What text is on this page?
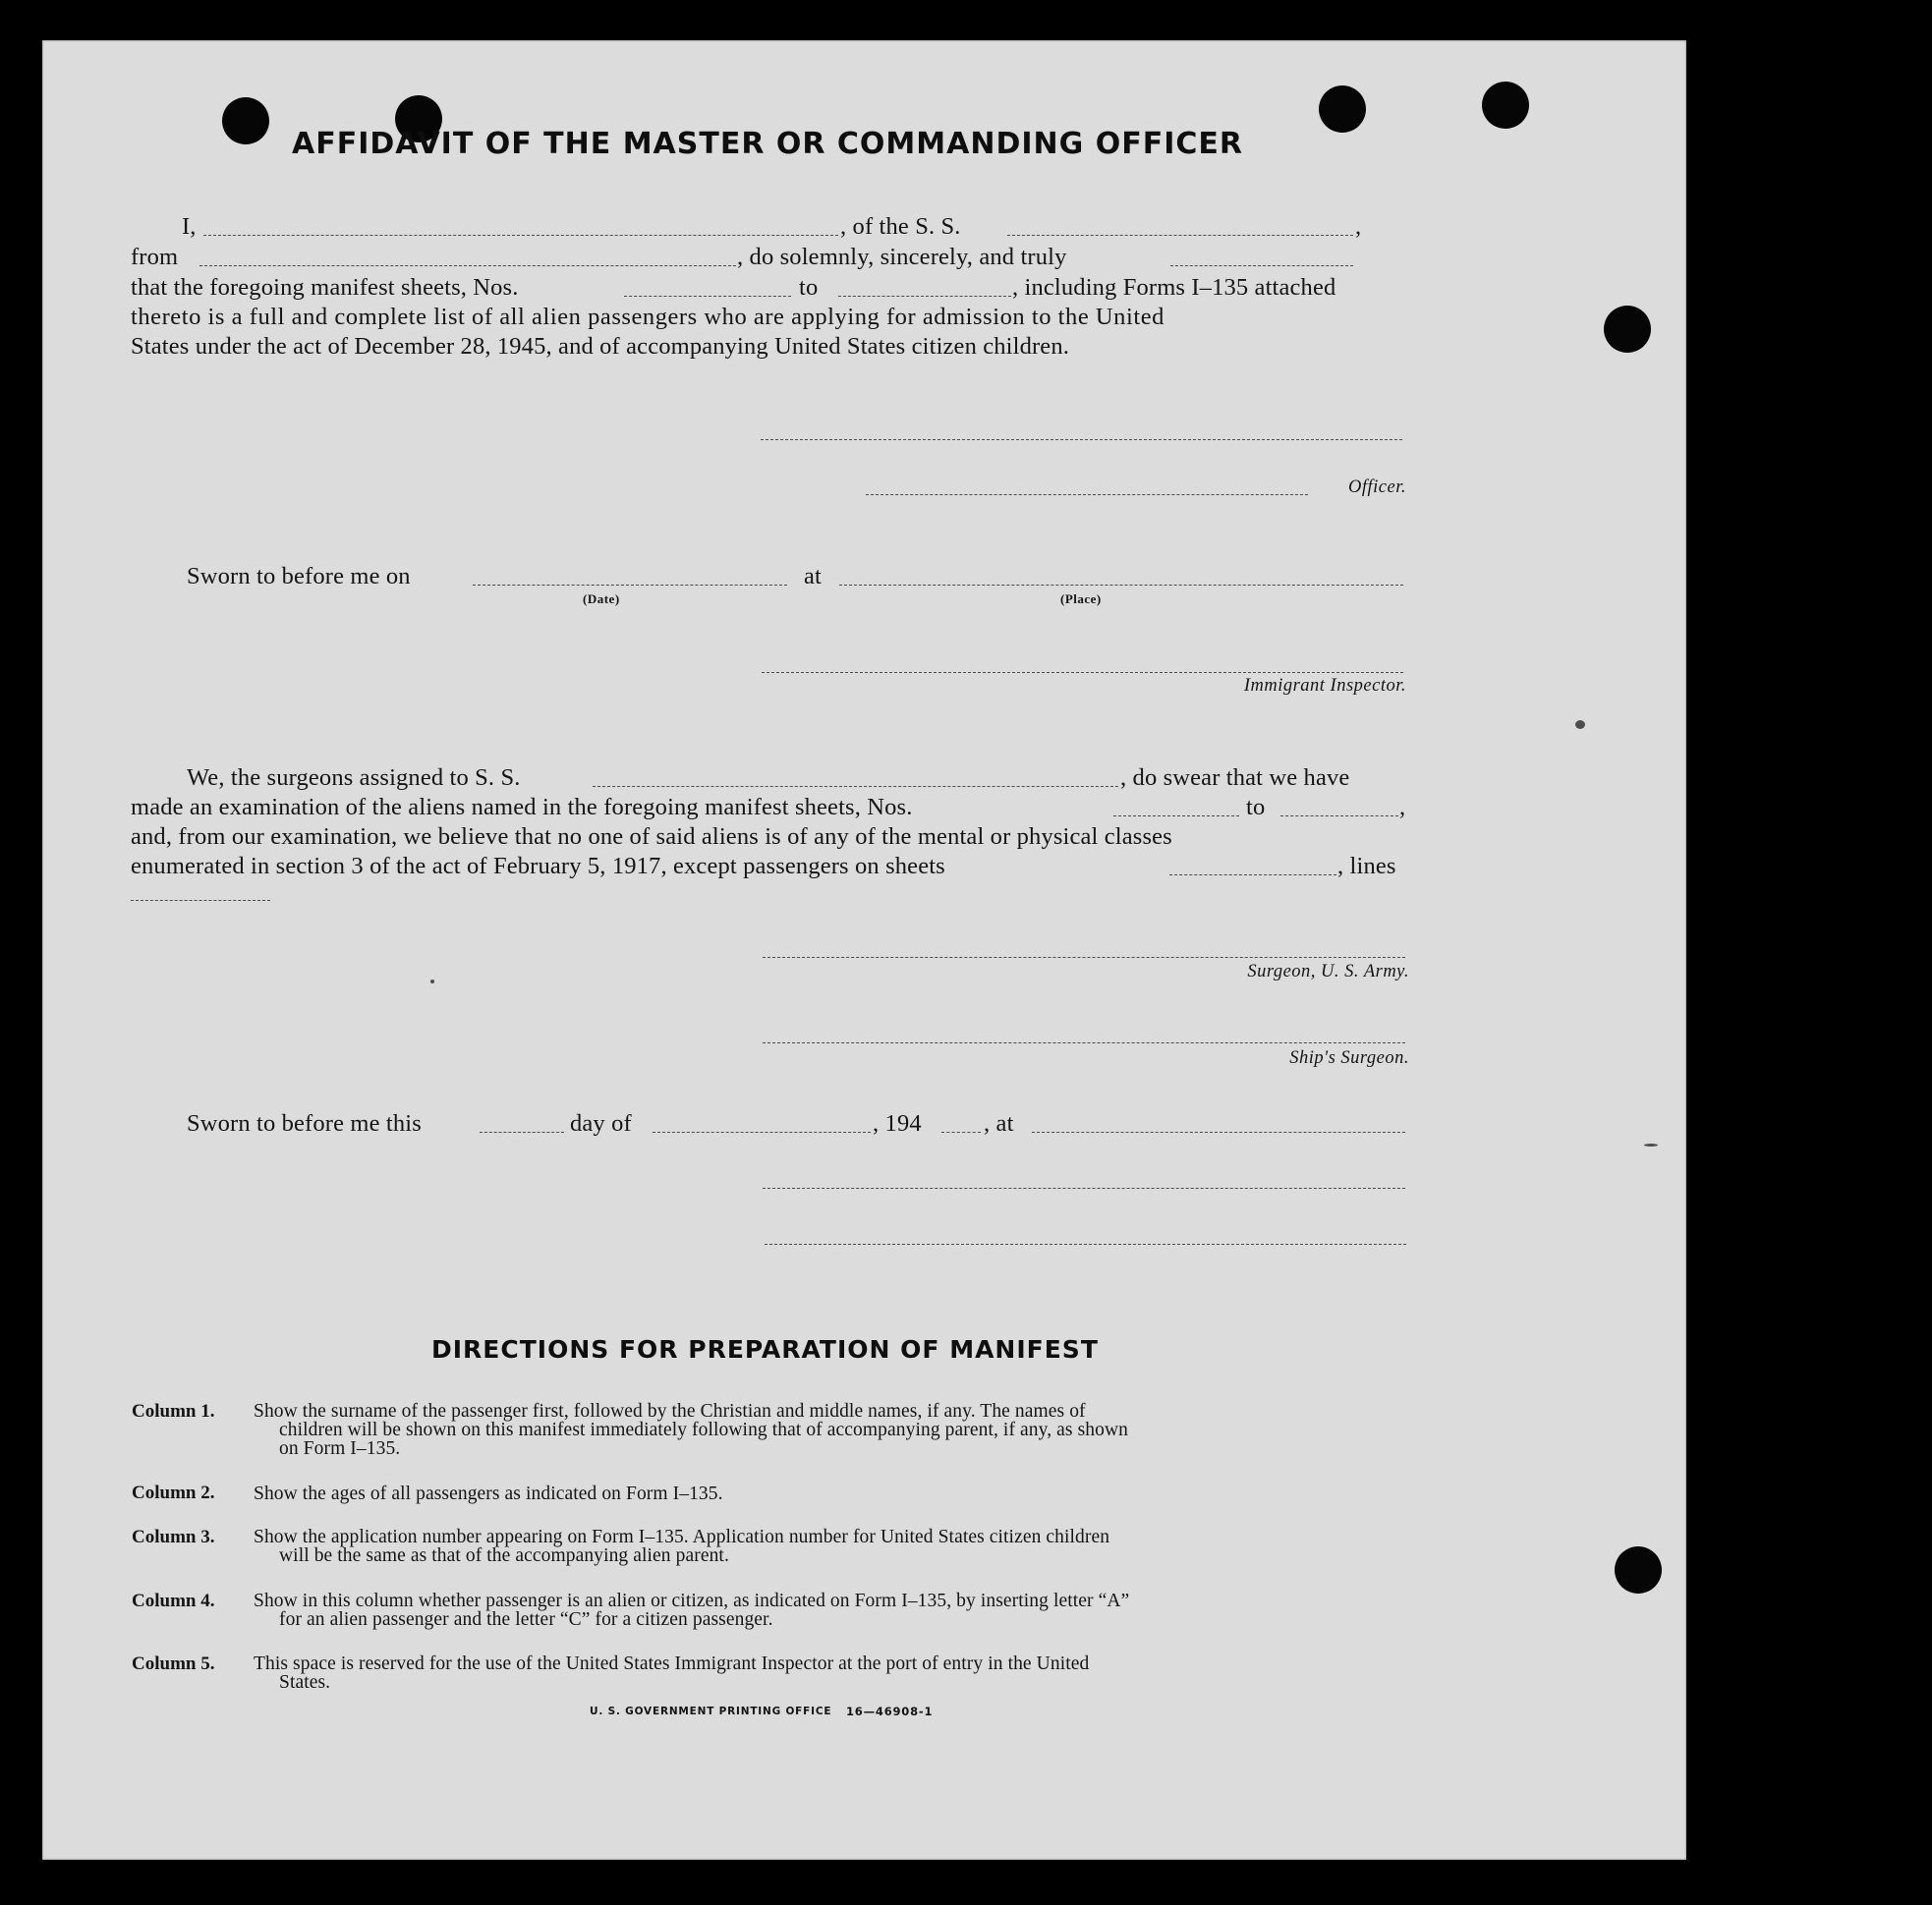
AFFIDAVIT OF THE MASTER OR COMMANDING OFFICER
I,	, of the S. S.	,
from	, do solemnly, sincerely, and truly
that the foregoing manifest sheets, Nos.	to	, including Forms I–135 attached
thereto is a full and complete list of all alien passengers who are applying for admission to the United
States under the act of December 28, 1945, and of accompanying United States citizen children.
Officer.
Sworn to before me on
(Date)
at
(Place)
Immigrant Inspector.
We, the surgeons assigned to S. S.	, do swear that we have
made an examination of the aliens named in the foregoing manifest sheets, Nos.	to	,
and, from our examination, we believe that no one of said aliens is of any of the mental or physical classes
enumerated in section 3 of the act of February 5, 1917, except passengers on sheets	, lines
Surgeon, U. S. Army.
Ship's Surgeon.
Sworn to before me this	day of	, 194	, at
DIRECTIONS FOR PREPARATION OF MANIFEST
Column 1. Show the surname of the passenger first, followed by the Christian and middle names, if any. The names of
children will be shown on this manifest immediately following that of accompanying parent, if any, as shown
on Form I–135.
Column 2. Show the ages of all passengers as indicated on Form I–135.
Column 3. Show the application number appearing on Form I–135. Application number for United States citizen children
will be the same as that of the accompanying alien parent.
Column 4. Show in this column whether passenger is an alien or citizen, as indicated on Form I–135, by inserting letter “A”
for an alien passenger and the letter “C” for a citizen passenger.
Column 5. This space is reserved for the use of the United States Immigrant Inspector at the port of entry in the United
States.
U. S. GOVERNMENT PRINTING OFFICE 16—46908-1
